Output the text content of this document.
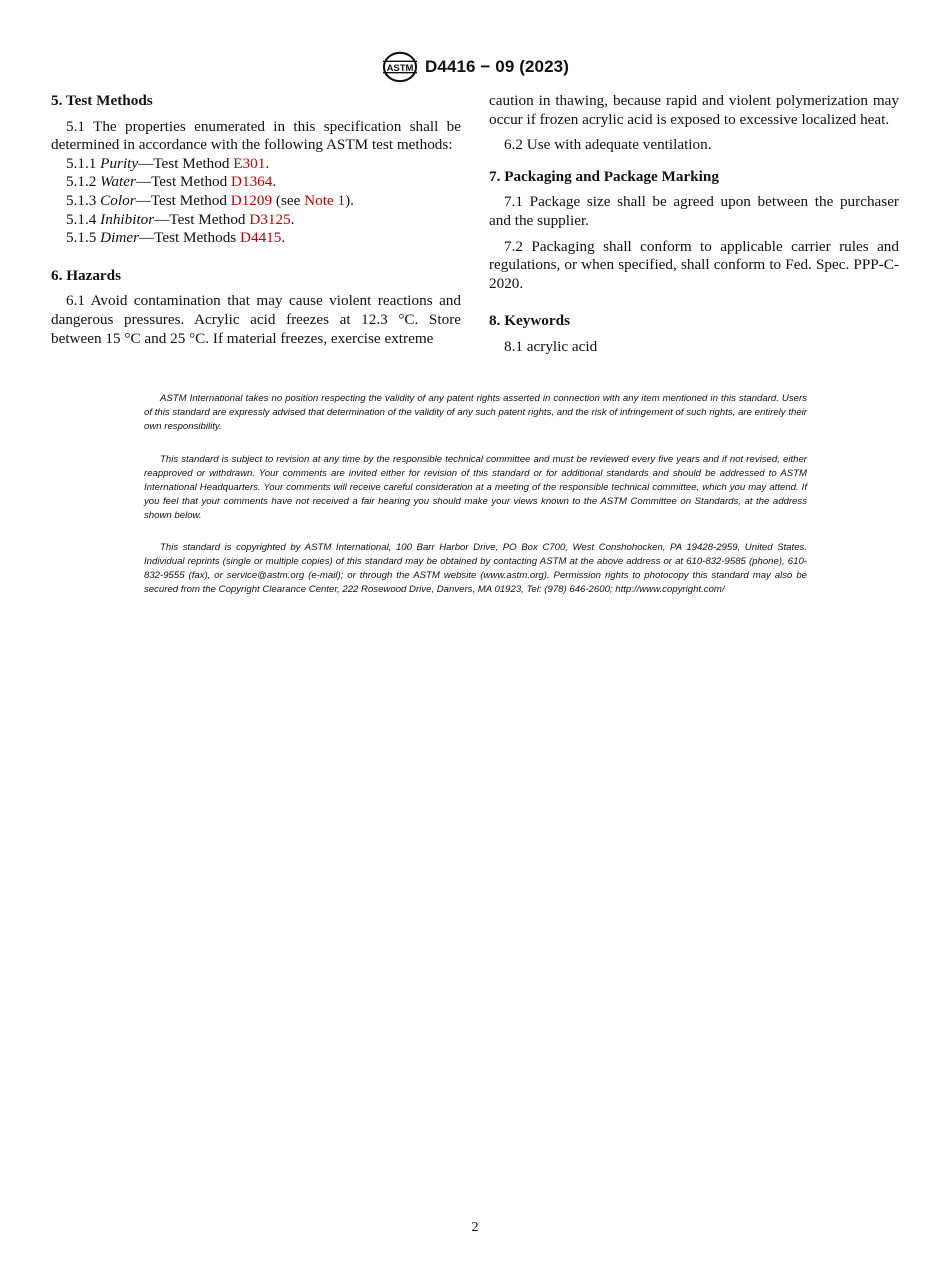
ASTM D4416 − 09 (2023)

5. Test Methods

5.1 The properties enumerated in this specification shall be determined in accordance with the following ASTM test methods:

5.1.1 Purity—Test Method E301.
5.1.2 Water—Test Method D1364.
5.1.3 Color—Test Method D1209 (see Note 1).
5.1.4 Inhibitor—Test Method D3125.
5.1.5 Dimer—Test Methods D4415.

6. Hazards

6.1 Avoid contamination that may cause violent reactions and dangerous pressures. Acrylic acid freezes at 12.3 °C. Store between 15 °C and 25 °C. If material freezes, exercise extreme

caution in thawing, because rapid and violent polymerization may occur if frozen acrylic acid is exposed to excessive localized heat.

6.2 Use with adequate ventilation.

7. Packaging and Package Marking

7.1 Package size shall be agreed upon between the purchaser and the supplier.

7.2 Packaging shall conform to applicable carrier rules and regulations, or when specified, shall conform to Fed. Spec. PPP-C-2020.

8. Keywords

8.1 acrylic acid

ASTM International takes no position respecting the validity of any patent rights asserted in connection with any item mentioned in this standard. Users of this standard are expressly advised that determination of the validity of any such patent rights, and the risk of infringement of such rights, are entirely their own responsibility.

This standard is subject to revision at any time by the responsible technical committee and must be reviewed every five years and if not revised, either reapproved or withdrawn. Your comments are invited either for revision of this standard or for additional standards and should be addressed to ASTM International Headquarters. Your comments will receive careful consideration at a meeting of the responsible technical committee, which you may attend. If you feel that your comments have not received a fair hearing you should make your views known to the ASTM Committee on Standards, at the address shown below.

This standard is copyrighted by ASTM International, 100 Barr Harbor Drive, PO Box C700, West Conshohocken, PA 19428-2959, United States. Individual reprints (single or multiple copies) of this standard may be obtained by contacting ASTM at the above address or at 610-832-9585 (phone), 610-832-9555 (fax), or service@astm.org (e-mail); or through the ASTM website (www.astm.org). Permission rights to photocopy this standard may also be secured from the Copyright Clearance Center, 222 Rosewood Drive, Danvers, MA 01923, Tel: (978) 646-2600; http://www.copyright.com/

2
